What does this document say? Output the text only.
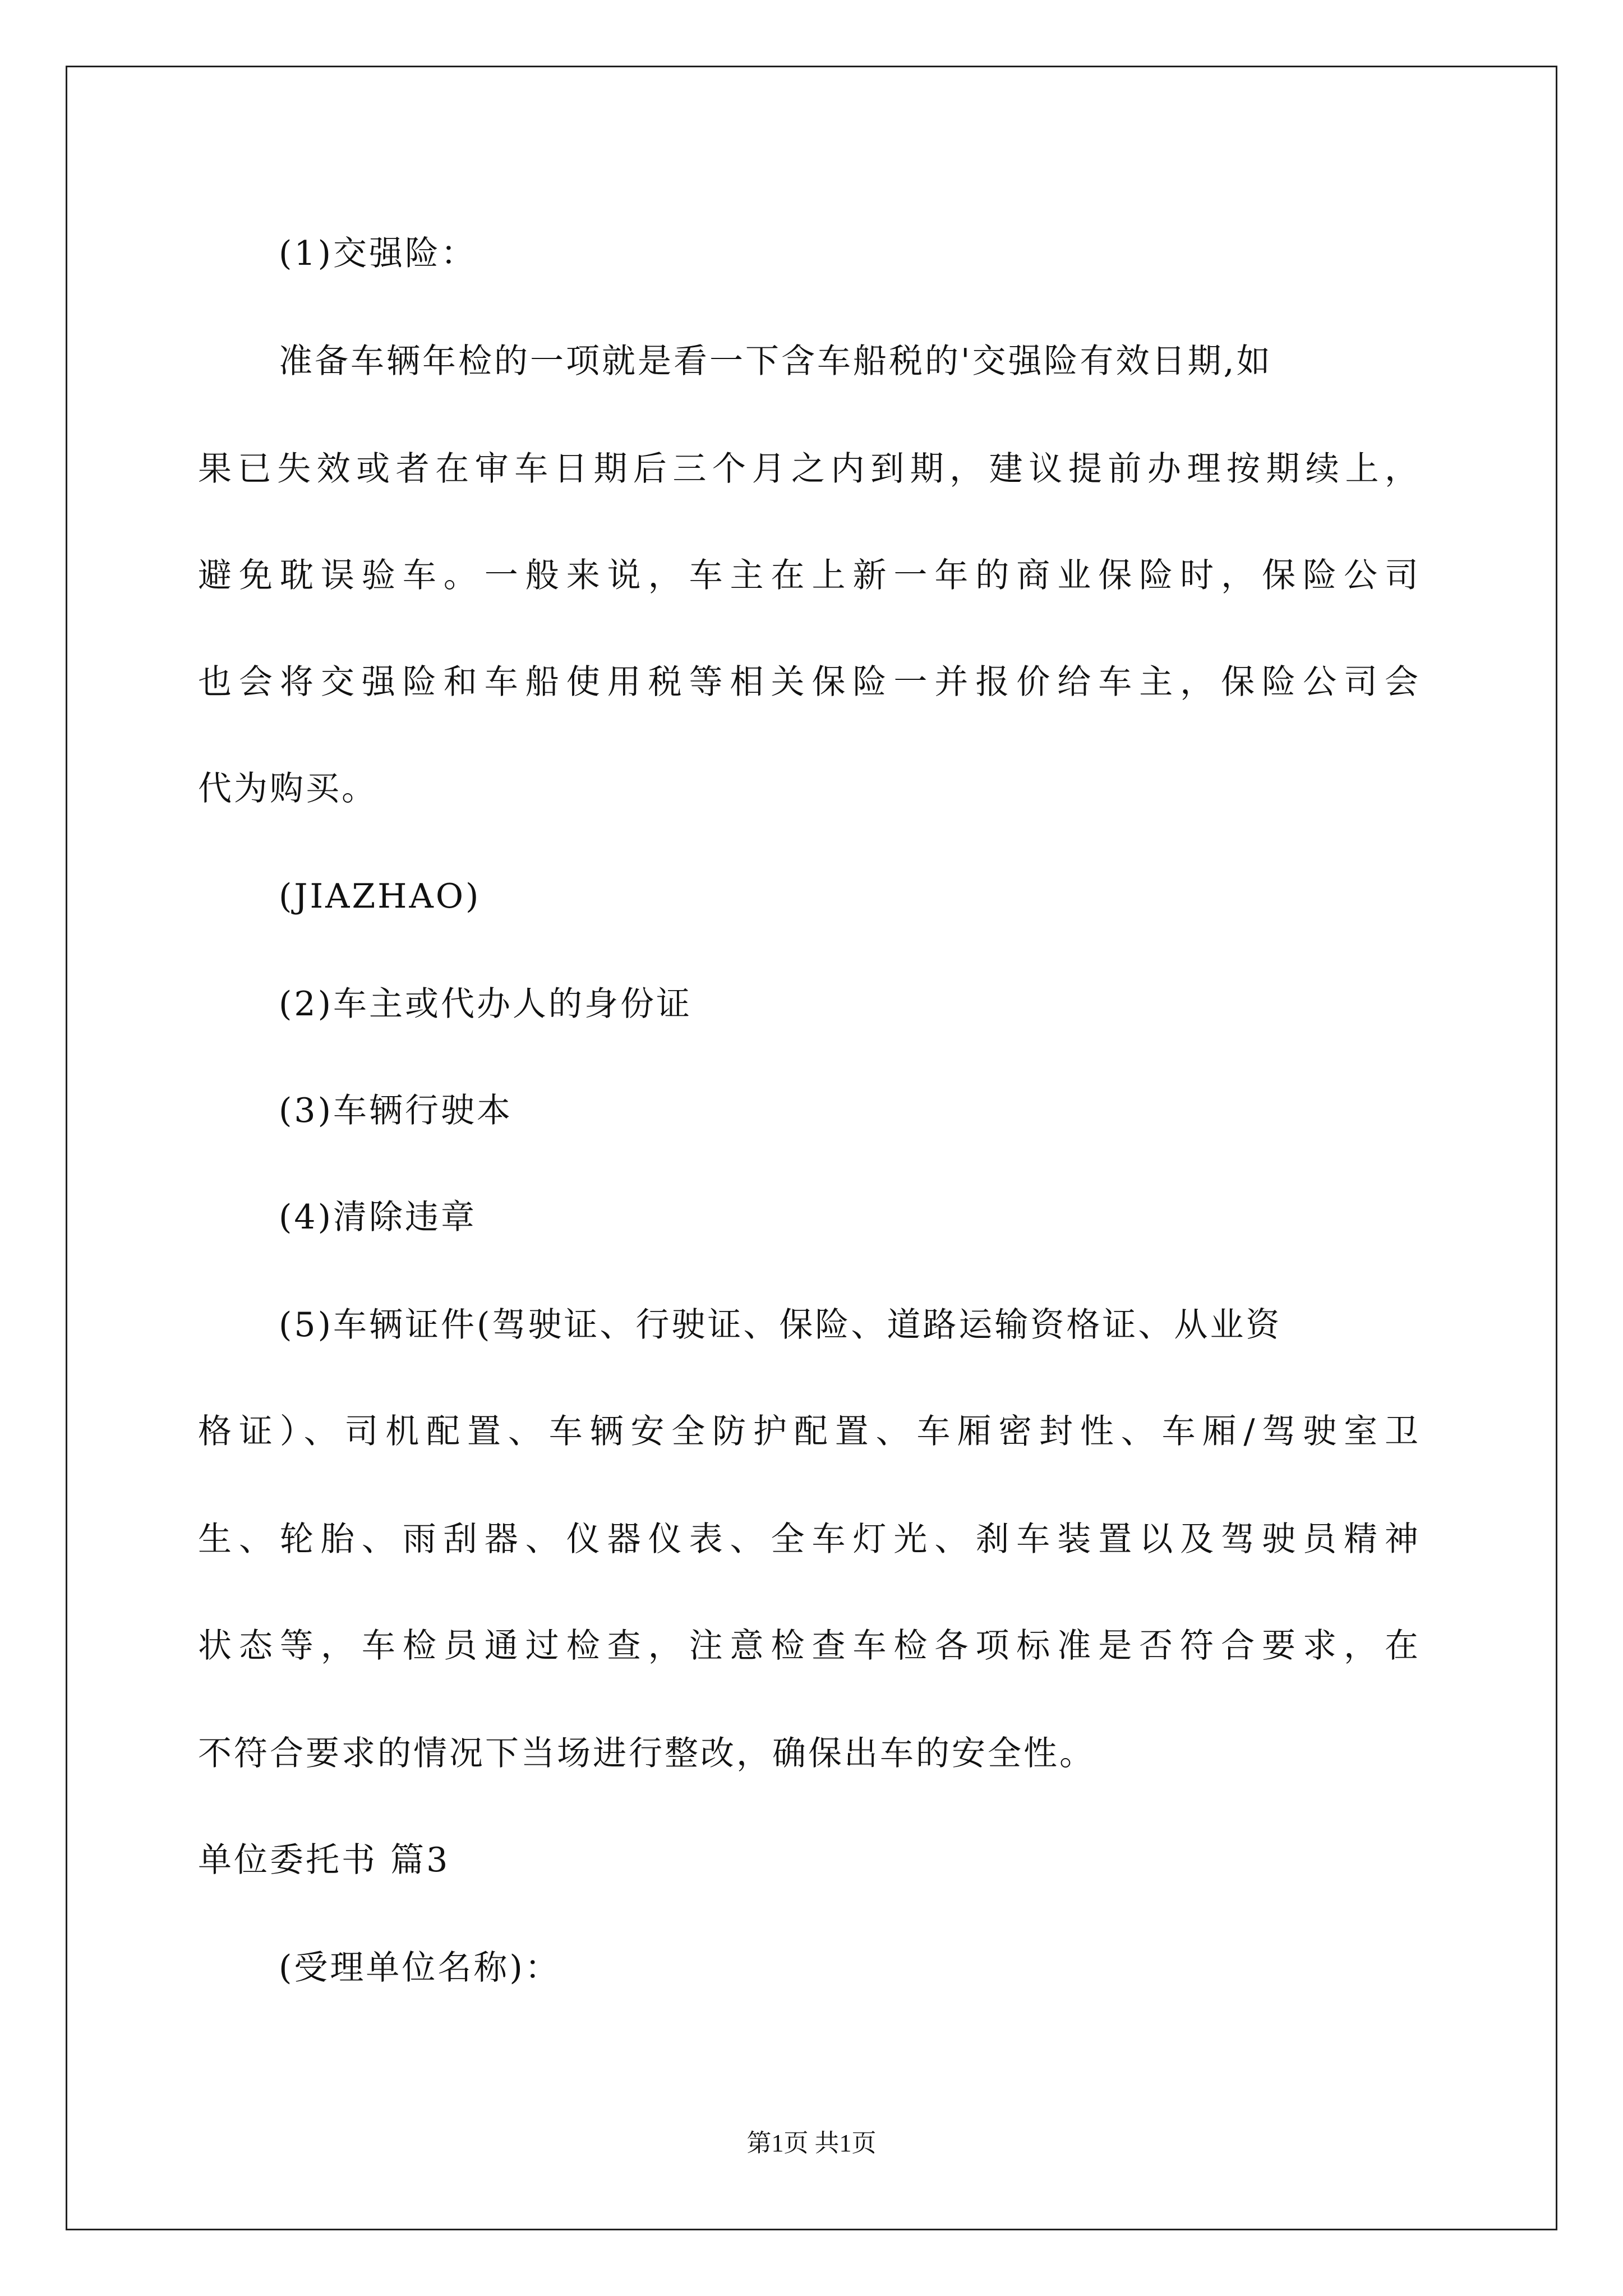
(1)交强险：
准备车辆年检的一项就是看一下含车船税的'交强险有效日期,如
果已失效或者在审车日期后三个月之内到期，建议提前办理按期续上，
避免耽误验车。一般来说，车主在上新一年的商业保险时，保险公司
也会将交强险和车船使用税等相关保险一并报价给车主，保险公司会
代为购买。
(JIAZHAO)
(2)车主或代办人的身份证
(3)车辆行驶本
(4)清除违章
(5)车辆证件(驾驶证、行驶证、保险、道路运输资格证、从业资
格证）、司机配置、车辆安全防护配置、车厢密封性、车厢/驾驶室卫
生、轮胎、雨刮器、仪器仪表、全车灯光、刹车装置以及驾驶员精神
状态等，车检员通过检查，注意检查车检各项标准是否符合要求，在
不符合要求的情况下当场进行整改，确保出车的安全性。
单位委托书 篇3
(受理单位名称)：
第1页 共1页
